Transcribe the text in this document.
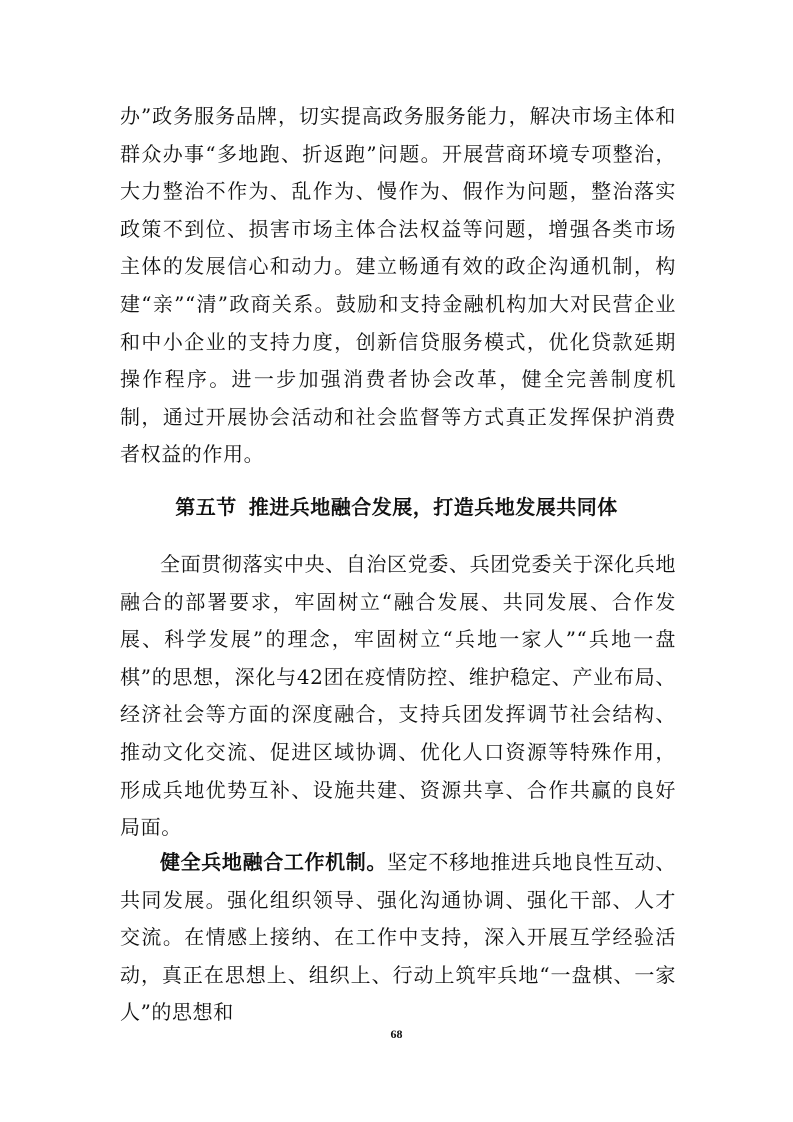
办”政务服务品牌，切实提高政务服务能力，解决市场主体和群众办事“多地跑、折返跑”问题。开展营商环境专项整治，大力整治不作为、乱作为、慢作为、假作为问题，整治落实政策不到位、损害市场主体合法权益等问题，增强各类市场主体的发展信心和动力。建立畅通有效的政企沟通机制，构建“亲”“清”政商关系。鼓励和支持金融机构加大对民营企业和中小企业的支持力度，创新信贷服务模式，优化贷款延期操作程序。进一步加强消费者协会改革，健全完善制度机制，通过开展协会活动和社会监督等方式真正发挥保护消费者权益的作用。

第五节 推进兵地融合发展，打造兵地发展共同体

全面贯彻落实中央、自治区党委、兵团党委关于深化兵地融合的部署要求，牢固树立“融合发展、共同发展、合作发展、科学发展”的理念，牢固树立“兵地一家人”“兵地一盘棋”的思想，深化与42团在疫情防控、维护稳定、产业布局、经济社会等方面的深度融合，支持兵团发挥调节社会结构、推动文化交流、促进区域协调、优化人口资源等特殊作用，形成兵地优势互补、设施共建、资源共享、合作共赢的良好局面。

健全兵地融合工作机制。坚定不移地推进兵地良性互动、共同发展。强化组织领导、强化沟通协调、强化干部、人才交流。在情感上接纳、在工作中支持，深入开展互学经验活动，真正在思想上、组织上、行动上筑牢兵地“一盘棋、一家人”的思想和

68
